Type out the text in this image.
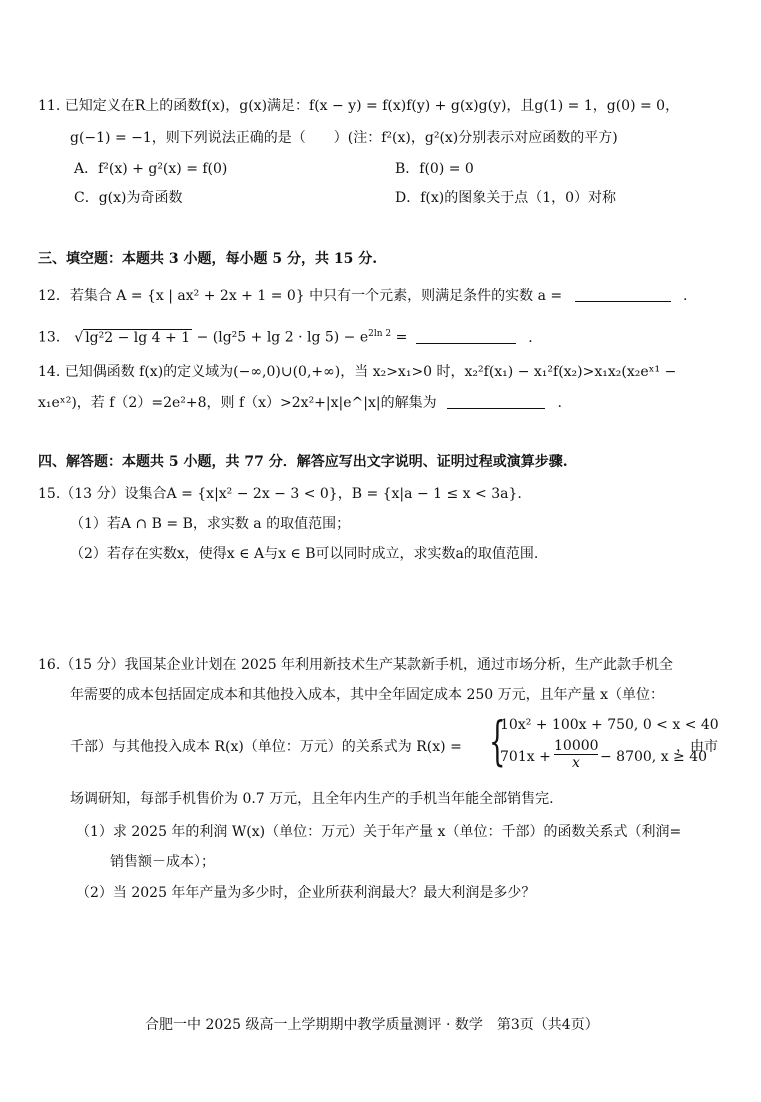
11. 已知定义在R上的函数f(x)，g(x)满足：f(x − y) = f(x)f(y) + g(x)g(y)，且g(1) = 1，g(0) = 0，
g(−1) = −1，则下列说法正确的是（　　）(注：f²(x)，g²(x)分别表示对应函数的平方)
A．f²(x) + g²(x) = f(0)	B．f(0) = 0
C．g(x)为奇函数	D．f(x)的图象关于点（1，0）对称
三、填空题：本题共 3 小题，每小题 5 分，共 15 分.
12．若集合 A = {x | ax² + 2x + 1 = 0} 中只有一个元素，则满足条件的实数 a =	.
13． √ $\lg^22 - \lg 4 + 1 - (\lg^25 + \lg 2 \cdot \lg 5) - e^{2ln 2}$ =	.
14. 已知偶函数 f(x)的定义域为(−∞,0)∪(0,+∞)，当 x₂>x₁>0 时，x₂²f(x₁) − x₁²f(x₂)>x₁x₂(x₂eˣ¹ −
x₁eˣ²)，若 f（2）=2e²+8，则 f（x）>2x²+|x|e^|x|的解集为	.
四、解答题：本题共 5 小题，共 77 分．解答应写出文字说明、证明过程或演算步骤.
15.（13 分）设集合A = {x|x² − 2x − 3 < 0}，B = {x|a − 1 ≤ x < 3a}.
（1）若A ∩ B = B，求实数 a 的取值范围；
（2）若存在实数x，使得x ∈ A与x ∈ B可以同时成立，求实数a的取值范围.
16.（15 分）我国某企业计划在 2025 年利用新技术生产某款新手机，通过市场分析，生产此款手机全
年需要的成本包括固定成本和其他投入成本，其中全年固定成本 250 万元，且年产量 x（单位：
千部）与其他投入成本 R(x)（单位：万元）的关系式为 R(x) = {
10x² + 100x + 750, 0 < x < 40
$701x + \frac{10000}{x} - 8700$, x ≥ 40
，由市
场调研知，每部手机售价为 0.7 万元，且全年内生产的手机当年能全部销售完.
（1）求 2025 年的利润 W(x)（单位：万元）关于年产量 x（单位：千部）的函数关系式（利润=
销售额－成本）；
（2）当 2025 年年产量为多少时，企业所获利润最大？最大利润是多少？
合肥一中 2025 级高一上学期期中教学质量测评 · 数学　第3页（共4页）
